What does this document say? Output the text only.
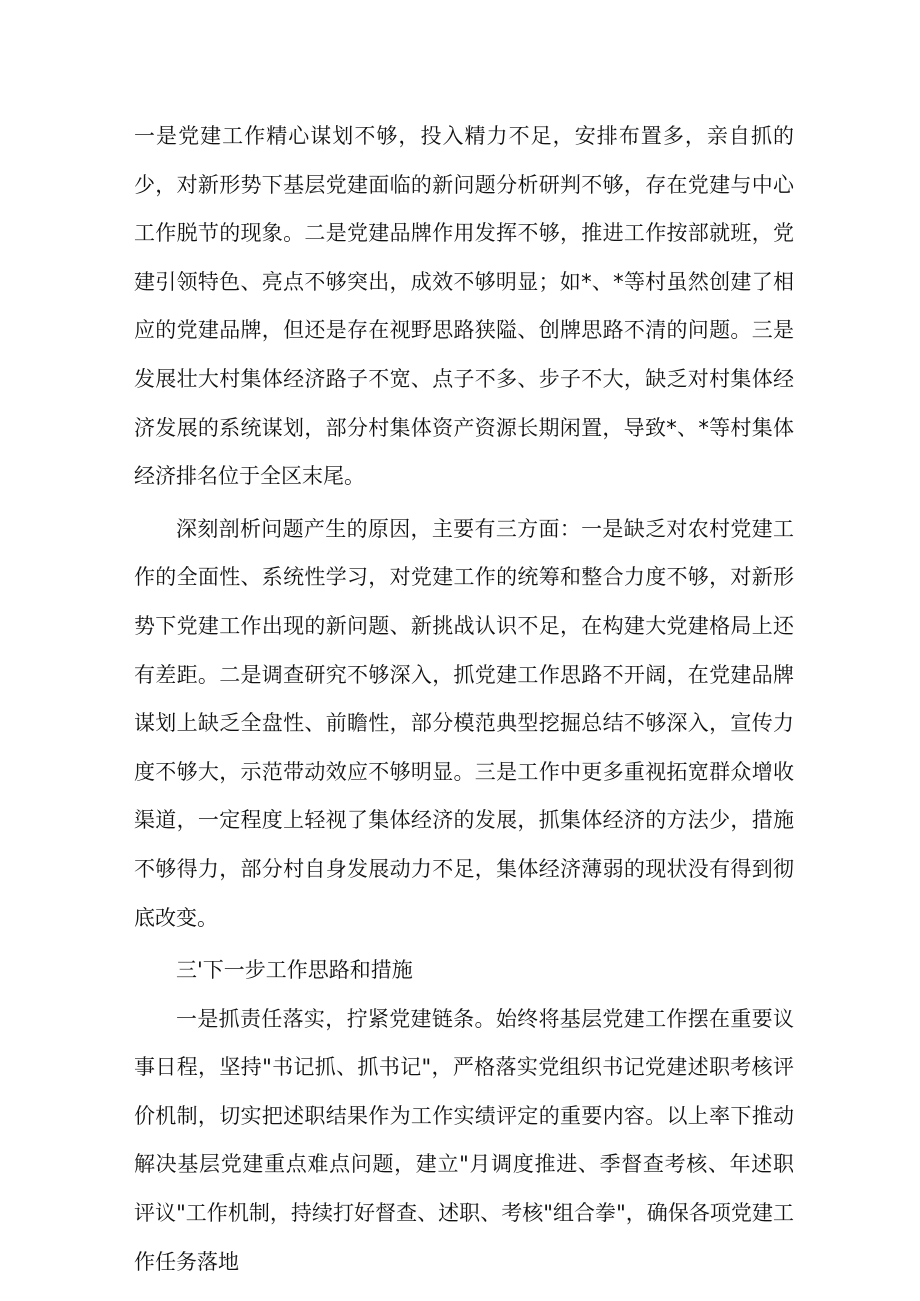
一是党建工作精心谋划不够，投入精力不足，安排布置多，亲自抓的少，对新形势下基层党建面临的新问题分析研判不够，存在党建与中心工作脱节的现象。二是党建品牌作用发挥不够，推进工作按部就班，党建引领特色、亮点不够突出，成效不够明显；如*、*等村虽然创建了相应的党建品牌，但还是存在视野思路狭隘、创牌思路不清的问题。三是发展壮大村集体经济路子不宽、点子不多、步子不大，缺乏对村集体经济发展的系统谋划，部分村集体资产资源长期闲置，导致*、*等村集体经济排名位于全区末尾。

深刻剖析问题产生的原因，主要有三方面：一是缺乏对农村党建工作的全面性、系统性学习，对党建工作的统筹和整合力度不够，对新形势下党建工作出现的新问题、新挑战认识不足，在构建大党建格局上还有差距。二是调查研究不够深入，抓党建工作思路不开阔，在党建品牌谋划上缺乏全盘性、前瞻性，部分模范典型挖掘总结不够深入，宣传力度不够大，示范带动效应不够明显。三是工作中更多重视拓宽群众增收渠道，一定程度上轻视了集体经济的发展，抓集体经济的方法少，措施不够得力，部分村自身发展动力不足，集体经济薄弱的现状没有得到彻底改变。

三'下一步工作思路和措施

一是抓责任落实，拧紧党建链条。始终将基层党建工作摆在重要议事日程，坚持"书记抓、抓书记"，严格落实党组织书记党建述职考核评价机制，切实把述职结果作为工作实绩评定的重要内容。以上率下推动解决基层党建重点难点问题，建立"月调度推进、季督查考核、年述职评议"工作机制，持续打好督查、述职、考核"组合拳"，确保各项党建工作任务落地
